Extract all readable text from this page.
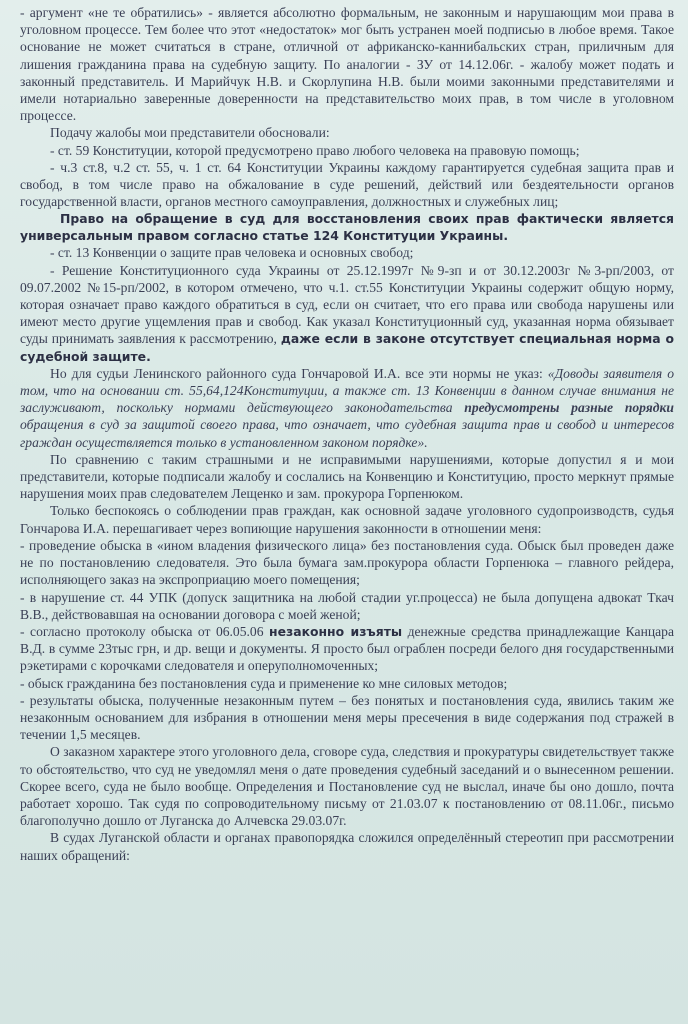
- аргумент «не те обратились» - является абсолютно формальным, не законным и нарушающим мои права в уголовном процессе. Тем более что этот «недостаток» мог быть устранен моей подписью в любое время. Такое основание не может считаться в стране, отличной от африканско-каннибальских стран, приличным для лишения гражданина права на судебную защиту. По аналогии - ЗУ от 14.12.06г. - жалобу может подать и законный представитель. И Марийчук Н.В. и Скорлупина Н.В. были моими законными представителями и имели нотариально заверенные доверенности на представительство моих прав, в том числе в уголовном процессе.

Подачу жалобы мои представители обосновали:

- ст. 59 Конституции, которой предусмотрено право любого человека на правовую помощь;

- ч.3 ст.8, ч.2 ст. 55, ч. 1 ст. 64 Конституции Украины каждому гарантируется судебная защита прав и свобод, в том числе право на обжалование в суде решений, действий или бездеятельности органов государственной власти, органов местного самоуправления, должностных и служебных лиц;

Право на обращение в суд для восстановления своих прав фактически является универсальным правом согласно статье 124 Конституции Украины.

- ст. 13 Конвенции о защите прав человека и основных свобод;

- Решение Конституционного суда Украины от 25.12.1997г №9-зп и от 30.12.2003г №3-рп/2003, от 09.07.2002 №15-рп/2002, в котором отмечено, что ч.1. ст.55 Конституции Украины содержит общую норму, которая означает право каждого обратиться в суд, если он считает, что его права или свобода нарушены или имеют место другие ущемления прав и свобод. Как указал Конституционный суд, указанная норма обязывает суды принимать заявления к рассмотрению, даже если в законе отсутствует специальная норма о судебной защите.

Но для судьи Ленинского районного суда Гончаровой И.А. все эти нормы не указ: «Доводы заявителя о том, что на основании ст. 55,64,124Конституции, а также ст. 13 Конвенции в данном случае внимания не заслуживают, поскольку нормами действующего законодательства предусмотрены разные порядки обращения в суд за защитой своего права, что означает, что судебная защита прав и свобод и интересов граждан осуществляется только в установленном законом порядке».

По сравнению с таким страшными и не исправимыми нарушениями, которые допустил я и мои представители, которые подписали жалобу и сослались на Конвенцию и Конституцию, просто меркнут прямые нарушения моих прав следователем Лещенко и зам. прокурора Горпенюком.

Только беспокоясь о соблюдении прав граждан, как основной задаче уголовного судопроизводств, судья Гончарова И.А. перешагивает через вопиющие нарушения законности в отношении меня:

- проведение обыска в «ином владения физического лица» без постановления суда. Обыск был проведен даже не по постановлению следователя. Это была бумага зам.прокурора области Горпенюка – главного рейдера, исполняющего заказ на экспроприацию моего помещения;

- в нарушение ст. 44 УПК (допуск защитника на любой стадии уг.процесса) не была допущена адвокат Ткач В.В., действовавшая на основании договора с моей женой;

- согласно протоколу обыска от 06.05.06 незаконно изъяты денежные средства принадлежащие Канцара В.Д. в сумме 23тыс грн, и др. вещи и документы. Я просто был ограблен посреди белого дня государственными рэкетирами с корочками следователя и оперуполномоченных;

- обыск гражданина без постановления суда и применение ко мне силовых методов;

- результаты обыска, полученные незаконным путем – без понятых и постановления суда, явились таким же незаконным основанием для избрания в отношении меня меры пресечения в виде содержания под стражей в течении 1,5 месяцев.

О заказном характере этого уголовного дела, сговоре суда, следствия и прокуратуры свидетельствует также то обстоятельство, что суд не уведомлял меня о дате проведения судебный заседаний и о вынесенном решении. Скорее всего, суда не было вообще. Определения и Постановление суд не выслал, иначе бы оно дошло, почта работает хорошо. Так судя по сопроводительному письму от 21.03.07 к постановлению от 08.11.06г., письмо благополучно дошло от Луганска до Алчевска 29.03.07г.

В судах Луганской области и органах правопорядка сложился определённый стереотип при рассмотрении наших обращений:
